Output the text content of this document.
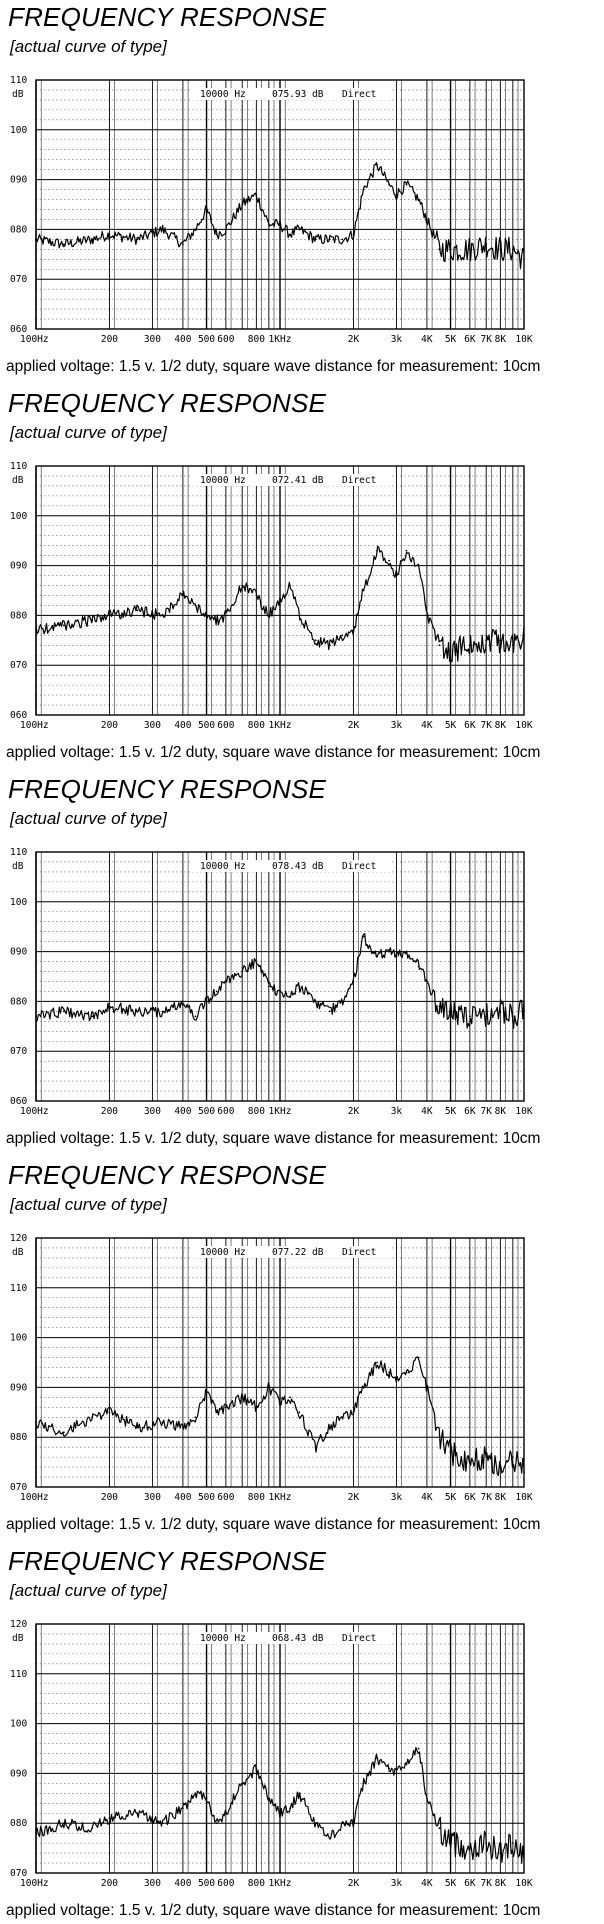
FREQUENCY RESPONSE
[actual curve of type]
applied voltage: 1.5 v. 1/2 duty, square wave distance for measurement: 10cm
110
100
090
080
070
060
dB
100Hz	200	300 400 500 600 800 1KHz	2K	3k 4K 5K 6K 7K 8K 10K
10000 Hz	075.93 dB Direct
FREQUENCY RESPONSE
[actual curve of type]
applied voltage: 1.5 v. 1/2 duty, square wave distance for measurement: 10cm
110
100
090
080
070
060
dB
100Hz	200	300 400 500 600 800 1KHz	2K	3k 4K 5K 6K 7K 8K 10K
10000 Hz	072.41 dB Direct
FREQUENCY RESPONSE
[actual curve of type]
applied voltage: 1.5 v. 1/2 duty, square wave distance for measurement: 10cm
110
100
090
080
070
060
dB
100Hz	200	300 400 500 600 800 1KHz	2K	3k 4K 5K 6K 7K 8K 10K
10000 Hz	078.43 dB Direct
FREQUENCY RESPONSE
[actual curve of type]
applied voltage: 1.5 v. 1/2 duty, square wave distance for measurement: 10cm
120
110
100
090
080
070
dB
100Hz	200	300 400 500 600 800 1KHz	2K	3k 4K 5K 6K 7K 8K 10K
10000 Hz	077.22 dB Direct
FREQUENCY RESPONSE
[actual curve of type]
applied voltage: 1.5 v. 1/2 duty, square wave distance for measurement: 10cm
120
110
100
090
080
070
dB
100Hz	200	300 400 500 600 800 1KHz	2K	3k 4K 5K 6K 7K 8K 10K
10000 Hz	068.43 dB Direct
